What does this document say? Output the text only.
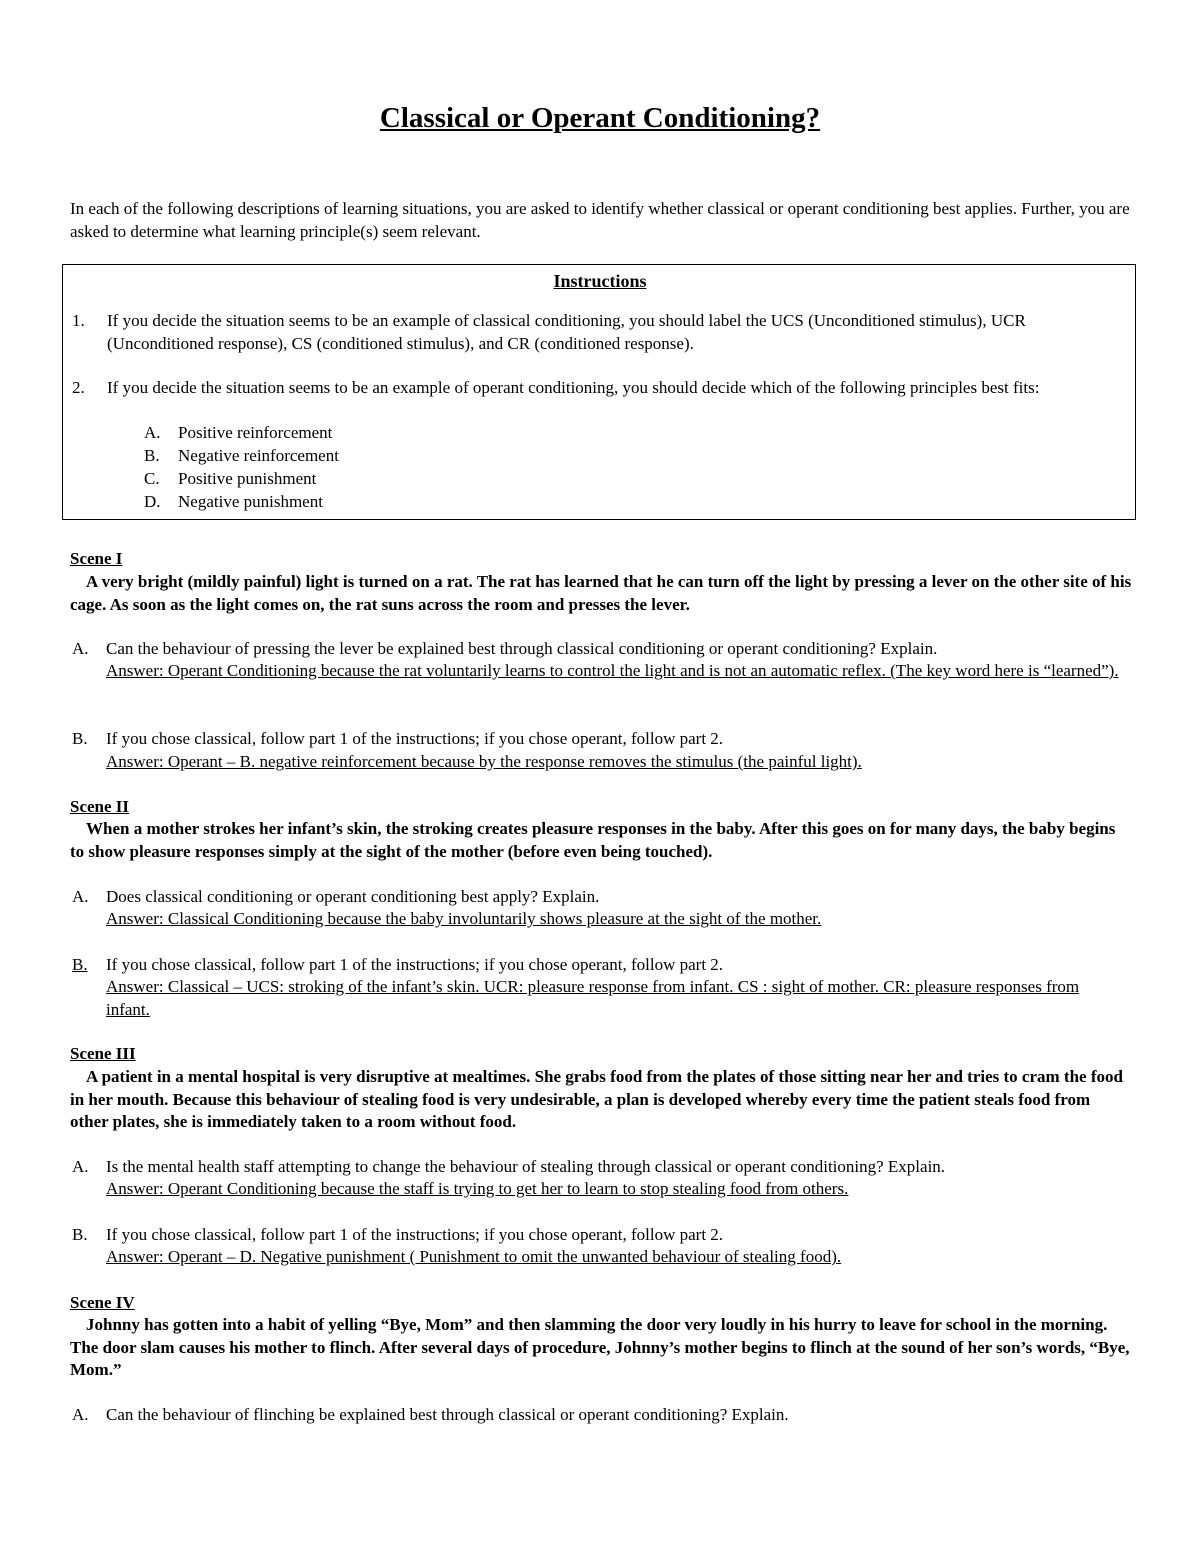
Classical or Operant Conditioning?
In each of the following descriptions of learning situations, you are asked to identify whether classical or operant conditioning best applies. Further, you are asked to determine what learning principle(s) seem relevant.
Instructions
1.	If you decide the situation seems to be an example of classical conditioning, you should label the UCS (Unconditioned stimulus), UCR (Unconditioned response), CS (conditioned stimulus), and CR (conditioned response).
2.	If you decide the situation seems to be an example of operant conditioning, you should decide which of the following principles best fits:
A. Positive reinforcement
B. Negative reinforcement
C. Positive punishment
D. Negative punishment
Scene I
A very bright (mildly painful) light is turned on a rat. The rat has learned that he can turn off the light by pressing a lever on the other site of his cage. As soon as the light comes on, the rat suns across the room and presses the lever.
A.	Can the behaviour of pressing the lever be explained best through classical conditioning or operant conditioning? Explain.
Answer: Operant Conditioning because the rat voluntarily learns to control the light and is not an automatic reflex. (The key word here is “learned”).
B.	If you chose classical, follow part 1 of the instructions; if you chose operant, follow part 2.
Answer: Operant – B. negative reinforcement because by the response removes the stimulus (the painful light).
Scene II
When a mother strokes her infant’s skin, the stroking creates pleasure responses in the baby. After this goes on for many days, the baby begins to show pleasure responses simply at the sight of the mother (before even being touched).
A.	Does classical conditioning or operant conditioning best apply? Explain.
Answer: Classical Conditioning because the baby involuntarily shows pleasure at the sight of the mother.
B.	If you chose classical, follow part 1 of the instructions; if you chose operant, follow part 2.
Answer: Classical – UCS: stroking of the infant’s skin. UCR: pleasure response from infant. CS : sight of mother. CR: pleasure responses from infant.
Scene III
A patient in a mental hospital is very disruptive at mealtimes. She grabs food from the plates of those sitting near her and tries to cram the food in her mouth. Because this behaviour of stealing food is very undesirable, a plan is developed whereby every time the patient steals food from other plates, she is immediately taken to a room without food.
A.	Is the mental health staff attempting to change the behaviour of stealing through classical or operant conditioning? Explain.
Answer: Operant Conditioning because the staff is trying to get her to learn to stop stealing food from others.
B.	If you chose classical, follow part 1 of the instructions; if you chose operant, follow part 2.
Answer: Operant – D. Negative punishment ( Punishment to omit the unwanted behaviour of stealing food).
Scene IV
Johnny has gotten into a habit of yelling “Bye, Mom” and then slamming the door very loudly in his hurry to leave for school in the morning. The door slam causes his mother to flinch. After several days of procedure, Johnny’s mother begins to flinch at the sound of her son’s words, “Bye, Mom.”
A.	Can the behaviour of flinching be explained best through classical or operant conditioning? Explain.
